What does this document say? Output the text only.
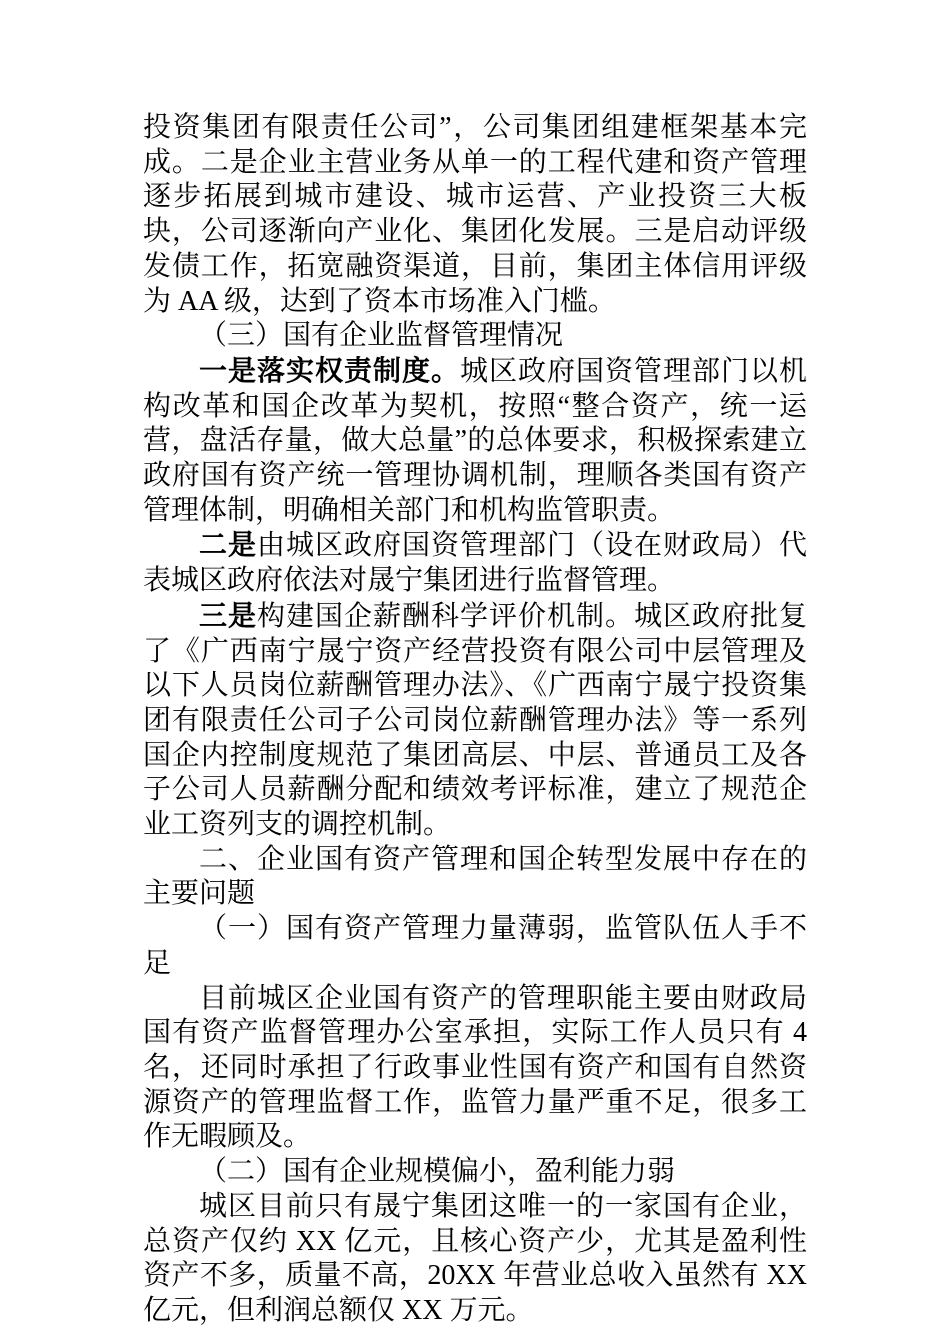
投资集团有限责任公司”，公司集团组建框架基本完成。二是企业主营业务从单一的工程代建和资产管理逐步拓展到城市建设、城市运营、产业投资三大板块，公司逐渐向产业化、集团化发展。三是启动评级发债工作，拓宽融资渠道，目前，集团主体信用评级为 AA 级，达到了资本市场准入门槛。

（三）国有企业监督管理情况

一是落实权责制度。城区政府国资管理部门以机构改革和国企改革为契机，按照“整合资产，统一运营，盘活存量，做大总量”的总体要求，积极探索建立政府国有资产统一管理协调机制，理顺各类国有资产管理体制，明确相关部门和机构监管职责。

二是由城区政府国资管理部门（设在财政局）代表城区政府依法对晟宁集团进行监督管理。

三是构建国企薪酬科学评价机制。城区政府批复了《广西南宁晟宁资产经营投资有限公司中层管理及以下人员岗位薪酬管理办法》、《广西南宁晟宁投资集团有限责任公司子公司岗位薪酬管理办法》等一系列国企内控制度规范了集团高层、中层、普通员工及各子公司人员薪酬分配和绩效考评标准，建立了规范企业工资列支的调控机制。

二、企业国有资产管理和国企转型发展中存在的主要问题

（一）国有资产管理力量薄弱，监管队伍人手不足

目前城区企业国有资产的管理职能主要由财政局国有资产监督管理办公室承担，实际工作人员只有 4 名，还同时承担了行政事业性国有资产和国有自然资源资产的管理监督工作，监管力量严重不足，很多工作无暇顾及。

（二）国有企业规模偏小，盈利能力弱

城区目前只有晟宁集团这唯一的一家国有企业，总资产仅约 XX 亿元，且核心资产少，尤其是盈利性资产不多，质量不高，20XX 年营业总收入虽然有 XX 亿元，但利润总额仅 XX 万元。
